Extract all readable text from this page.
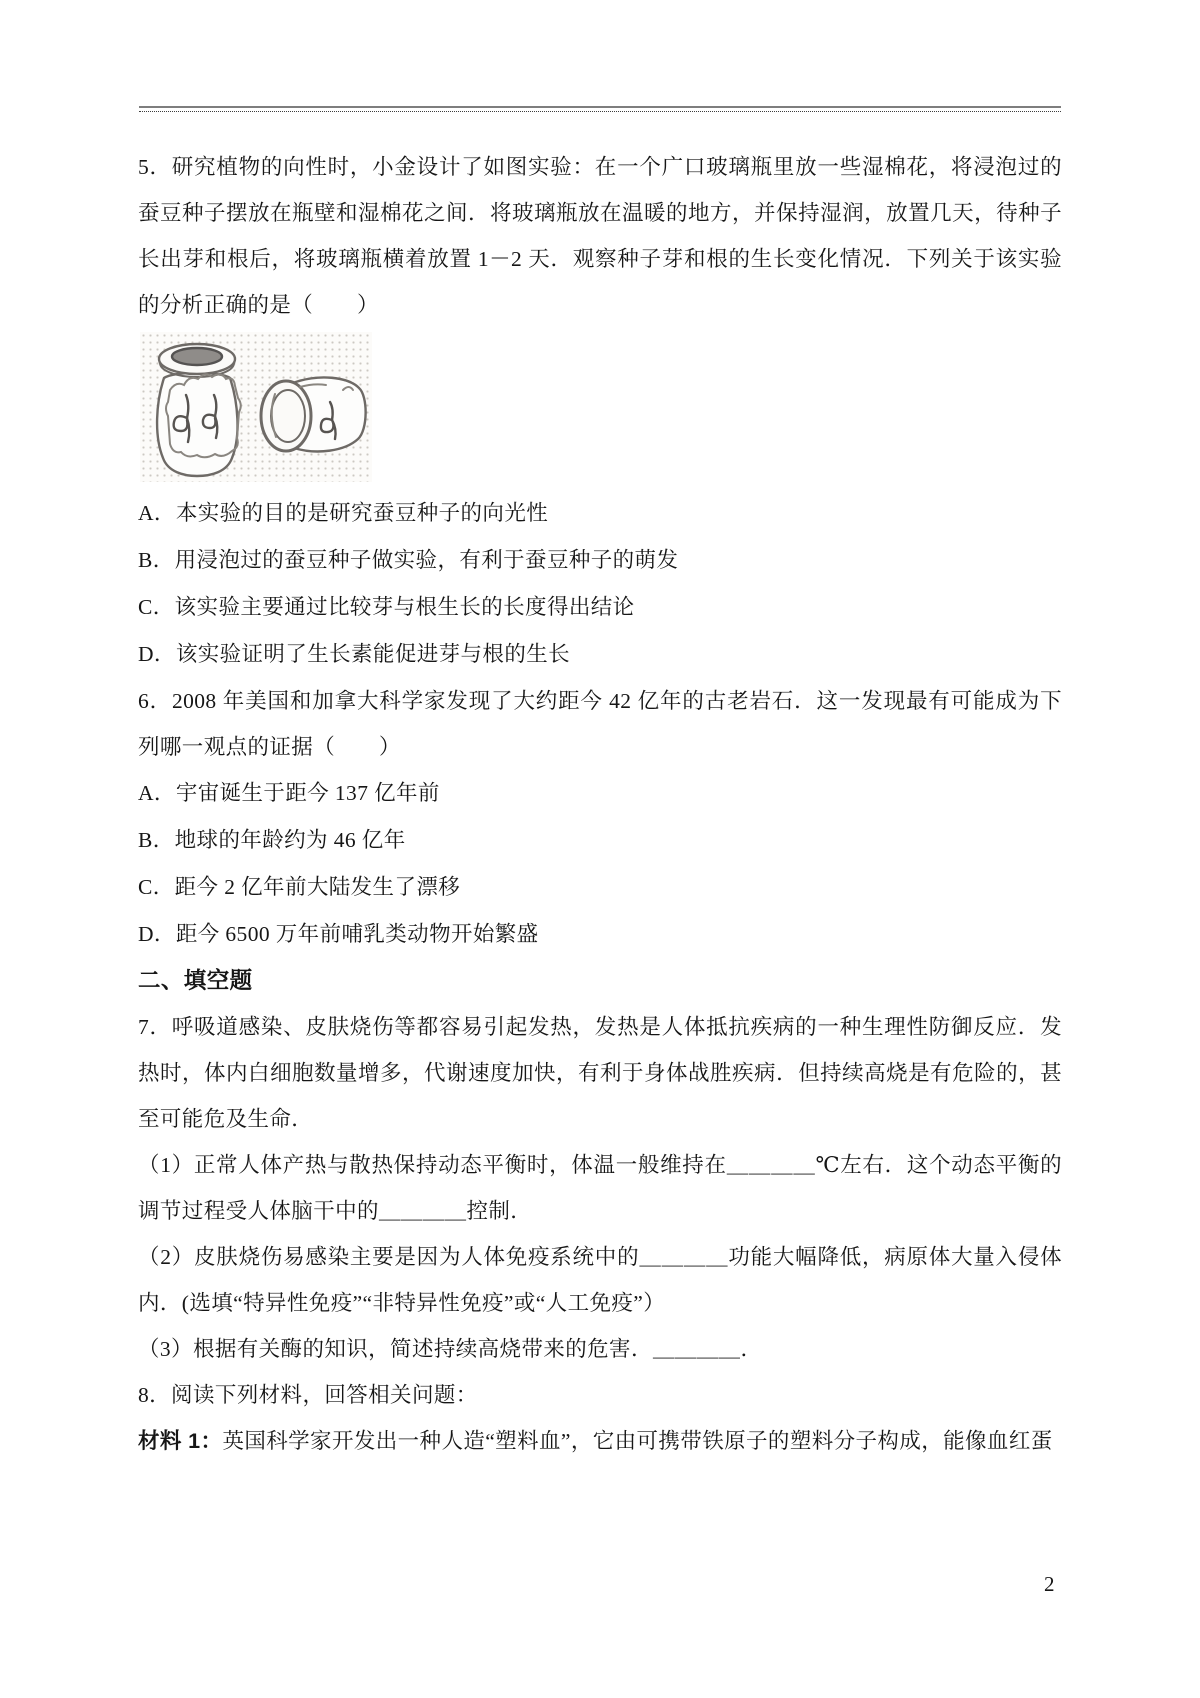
5．研究植物的向性时，小金设计了如图实验：在一个广口玻璃瓶里放一些湿棉花，将浸泡过的蚕豆种子摆放在瓶壁和湿棉花之间．将玻璃瓶放在温暖的地方，并保持湿润，放置几天，待种子长出芽和根后，将玻璃瓶横着放置 1－2 天．观察种子芽和根的生长变化情况．下列关于该实验的分析正确的是（　　）

A．本实验的目的是研究蚕豆种子的向光性
B．用浸泡过的蚕豆种子做实验，有利于蚕豆种子的萌发
C．该实验主要通过比较芽与根生长的长度得出结论
D．该实验证明了生长素能促进芽与根的生长

6．2008 年美国和加拿大科学家发现了大约距今 42 亿年的古老岩石．这一发现最有可能成为下列哪一观点的证据（　　）

A．宇宙诞生于距今 137 亿年前
B．地球的年龄约为 46 亿年
C．距今 2 亿年前大陆发生了漂移
D．距今 6500 万年前哺乳类动物开始繁盛

二、填空题

7．呼吸道感染、皮肤烧伤等都容易引起发热，发热是人体抵抗疾病的一种生理性防御反应．发热时，体内白细胞数量增多，代谢速度加快，有利于身体战胜疾病．但持续高烧是有危险的，甚至可能危及生命．

（1）正常人体产热与散热保持动态平衡时，体温一般维持在＿＿＿＿℃左右．这个动态平衡的调节过程受人体脑干中的＿＿＿＿控制．

（2）皮肤烧伤易感染主要是因为人体免疫系统中的＿＿＿＿功能大幅降低，病原体大量入侵体内．(选填“特异性免疫”“非特异性免疫”或“人工免疫”）

（3）根据有关酶的知识，简述持续高烧带来的危害．＿＿＿＿．

8．阅读下列材料，回答相关问题：

材料 1：英国科学家开发出一种人造“塑料血”，它由可携带铁原子的塑料分子构成，能像血红蛋

2
